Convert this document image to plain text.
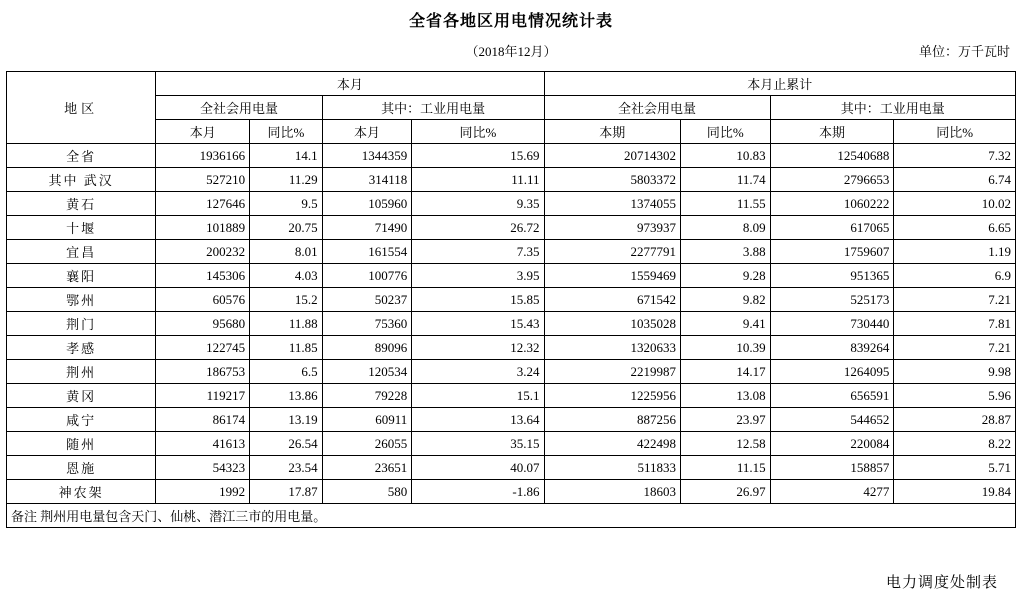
全省各地区用电情况统计表
（2018年12月）	单位：万千瓦时
地区	本月				本月止累计			
	全社会用电量		其中：工业用电量		全社会用电量		其中：工业用电量	
	本月	同比%	本月	同比%	本期	同比%	本期	同比%
全省	1936166	14.1	1344359	15.69	20714302	10.83	12540688	7.32
其中 武汉	527210	11.29	314118	11.11	5803372	11.74	2796653	6.74
黄石	127646	9.5	105960	9.35	1374055	11.55	1060222	10.02
十堰	101889	20.75	71490	26.72	973937	8.09	617065	6.65
宜昌	200232	8.01	161554	7.35	2277791	3.88	1759607	1.19
襄阳	145306	4.03	100776	3.95	1559469	9.28	951365	6.9
鄂州	60576	15.2	50237	15.85	671542	9.82	525173	7.21
荆门	95680	11.88	75360	15.43	1035028	9.41	730440	7.81
孝感	122745	11.85	89096	12.32	1320633	10.39	839264	7.21
荆州	186753	6.5	120534	3.24	2219987	14.17	1264095	9.98
黄冈	119217	13.86	79228	15.1	1225956	13.08	656591	5.96
咸宁	86174	13.19	60911	13.64	887256	23.97	544652	28.87
随州	41613	26.54	26055	35.15	422498	12.58	220084	8.22
恩施	54323	23.54	23651	40.07	511833	11.15	158857	5.71
神农架	1992	17.87	580	-1.86	18603	26.97	4277	19.84
备注 荆州用电量包含天门、仙桃、潜江三市的用电量。								
电力调度处制表
